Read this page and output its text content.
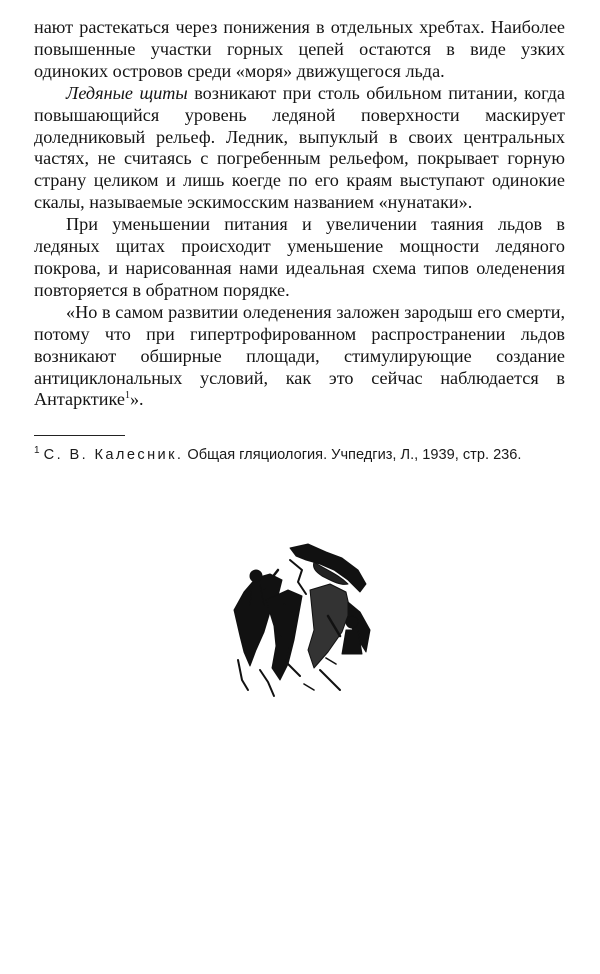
нают растекаться через понижения в отдельных хребтах. Наиболее повышенные участки горных цепей остаются в виде узких одиноких островов среди «моря» движущегося льда.

Ледяные щиты возникают при столь обильном питании, когда повышающийся уровень ледяной поверхности маскирует доледниковый рельеф. Ледник, выпуклый в своих центральных частях, не считаясь с погребенным рельефом, покрывает горную страну целиком и лишь коегде по его краям выступают одинокие скалы, называемые эскимосским названием «нунатаки».

При уменьшении питания и увеличении таяния льдов в ледяных щитах происходит уменьшение мощности ледяного покрова, и нарисованная нами идеальная схема типов оледенения повторяется в обратном порядке.

«Но в самом развитии оледенения заложен зародыш его смерти, потому что при гипертрофированном распространении льдов возникают обширные площади, стимулирующие создание антициклональных условий, как это сейчас наблюдается в Антарктике$^1$».

$^1$ С. В. Калесник. Общая гляциология. Учпедгиз, Л., 1939, стр. 236.
